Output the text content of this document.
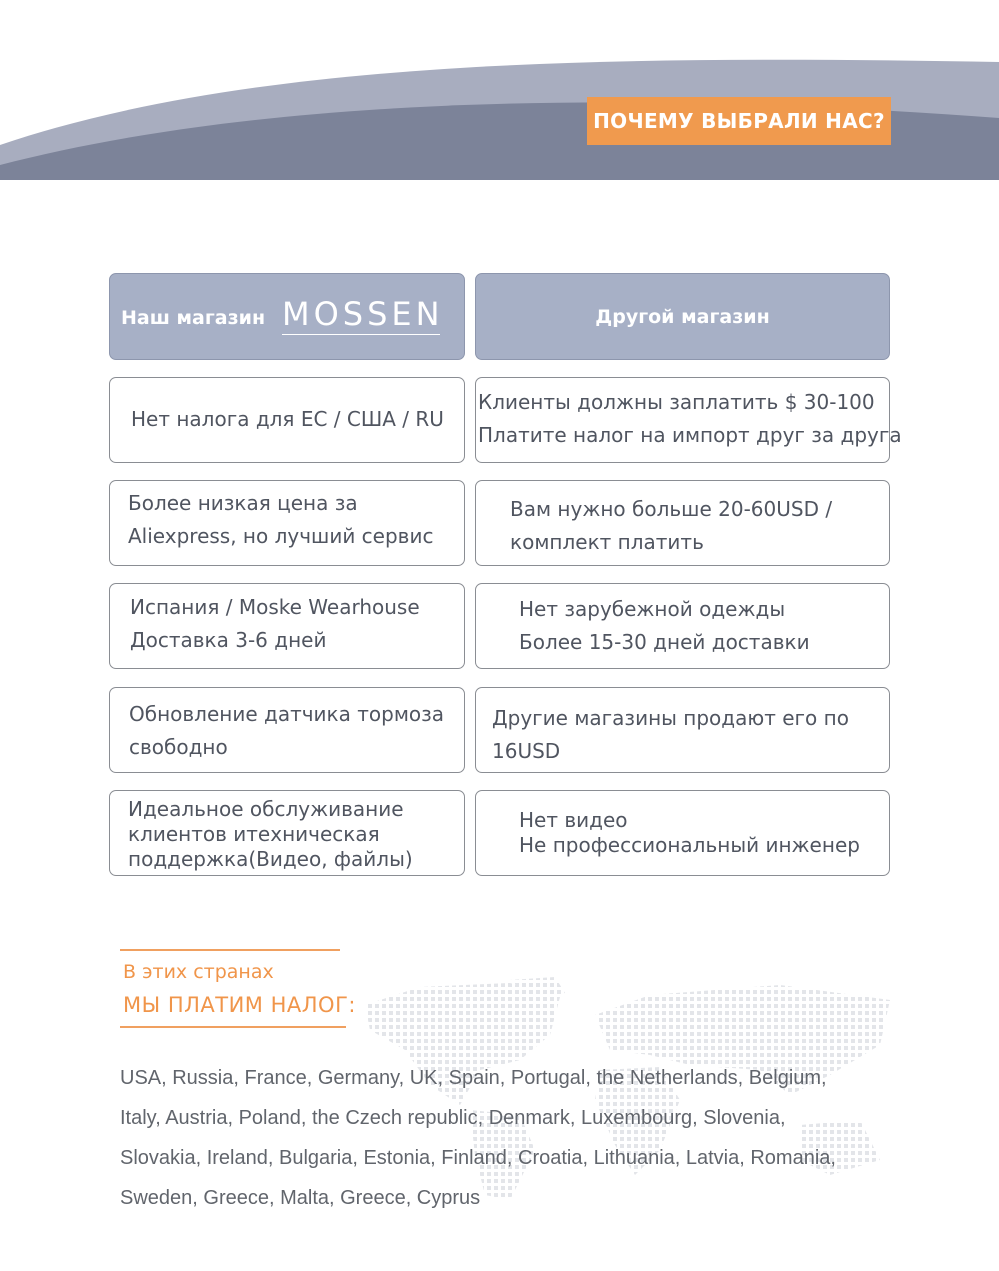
ПОЧЕМУ ВЫБРАЛИ НАС?
Наш магазин MOSSEN	Другой магазин
Нет налога для ЕС / США / RU
Клиенты должны заплатить $ 30-100
Платите налог на импорт друг за друга
Более низкая цена за
Aliexpress, но лучший сервис
Вам нужно больше 20-60USD /
комплект платить
Испания / Moske Wearhouse
Доставка 3-6 дней
Нет зарубежной одежды
Более 15-30 дней доставки
Обновление датчика тормоза
свободно
Другие магазины продают его по
16USD
Идеальное обслуживание
клиентов итехническая
поддержка(Видео, файлы)
Нет видео
Не профессиональный инженер
В этих странах
МЫ ПЛАТИМ НАЛОГ:
USA, Russia, France, Germany, UK, Spain, Portugal, the Netherlands, Belgium,
Italy, Austria, Poland, the Czech republic, Denmark, Luxembourg, Slovenia,
Slovakia, Ireland, Bulgaria, Estonia, Finland, Croatia, Lithuania, Latvia, Romania,
Sweden, Greece, Malta, Greece, Cyprus
